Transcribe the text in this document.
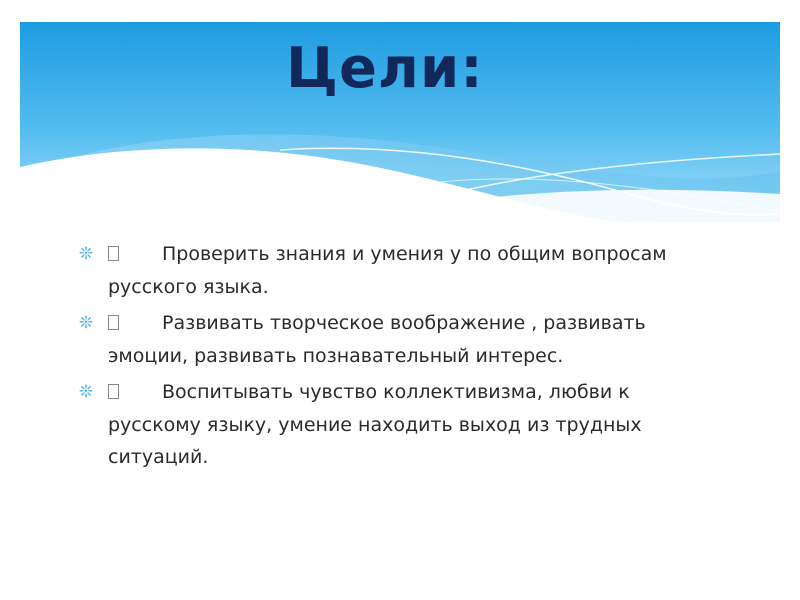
Цели:
❊	Проверить знания и умения у по общим вопросам русского языка.
❊	Развивать творческое воображение , развивать эмоции, развивать познавательный интерес.
❊	Воспитывать чувство коллективизма, любви к русскому языку, умение находить выход из трудных ситуаций.
